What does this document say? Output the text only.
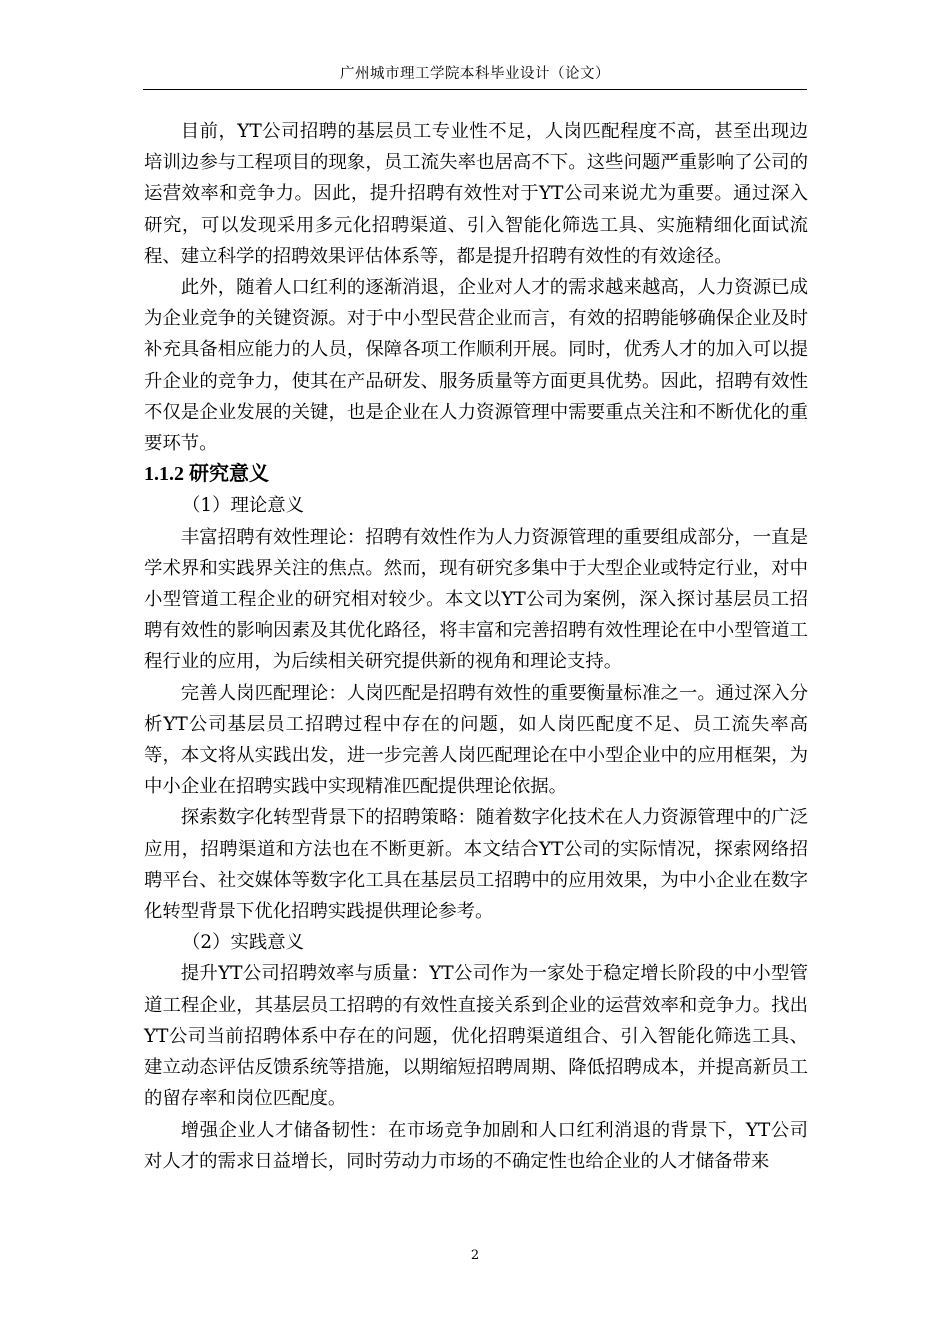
广州城市理工学院本科毕业设计（论文）

目前，YT公司招聘的基层员工专业性不足，人岗匹配程度不高，甚至出现边培训边参与工程项目的现象，员工流失率也居高不下。这些问题严重影响了公司的运营效率和竞争力。因此，提升招聘有效性对于YT公司来说尤为重要。通过深入研究，可以发现采用多元化招聘渠道、引入智能化筛选工具、实施精细化面试流程、建立科学的招聘效果评估体系等，都是提升招聘有效性的有效途径。

此外，随着人口红利的逐渐消退，企业对人才的需求越来越高，人力资源已成为企业竞争的关键资源。对于中小型民营企业而言，有效的招聘能够确保企业及时补充具备相应能力的人员，保障各项工作顺利开展。同时，优秀人才的加入可以提升企业的竞争力，使其在产品研发、服务质量等方面更具优势。因此，招聘有效性不仅是企业发展的关键，也是企业在人力资源管理中需要重点关注和不断优化的重要环节。

1.1.2 研究意义

（1）理论意义

丰富招聘有效性理论：招聘有效性作为人力资源管理的重要组成部分，一直是学术界和实践界关注的焦点。然而，现有研究多集中于大型企业或特定行业，对中小型管道工程企业的研究相对较少。本文以YT公司为案例，深入探讨基层员工招聘有效性的影响因素及其优化路径，将丰富和完善招聘有效性理论在中小型管道工程行业的应用，为后续相关研究提供新的视角和理论支持。

完善人岗匹配理论：人岗匹配是招聘有效性的重要衡量标准之一。通过深入分析YT公司基层员工招聘过程中存在的问题，如人岗匹配度不足、员工流失率高等，本文将从实践出发，进一步完善人岗匹配理论在中小型企业中的应用框架，为中小企业在招聘实践中实现精准匹配提供理论依据。

探索数字化转型背景下的招聘策略：随着数字化技术在人力资源管理中的广泛应用，招聘渠道和方法也在不断更新。本文结合YT公司的实际情况，探索网络招聘平台、社交媒体等数字化工具在基层员工招聘中的应用效果，为中小企业在数字化转型背景下优化招聘实践提供理论参考。

（2）实践意义

提升YT公司招聘效率与质量：YT公司作为一家处于稳定增长阶段的中小型管道工程企业，其基层员工招聘的有效性直接关系到企业的运营效率和竞争力。找出YT公司当前招聘体系中存在的问题，优化招聘渠道组合、引入智能化筛选工具、建立动态评估反馈系统等措施，以期缩短招聘周期、降低招聘成本，并提高新员工的留存率和岗位匹配度。

增强企业人才储备韧性：在市场竞争加剧和人口红利消退的背景下，YT公司对人才的需求日益增长，同时劳动力市场的不确定性也给企业的人才储备带来

2
